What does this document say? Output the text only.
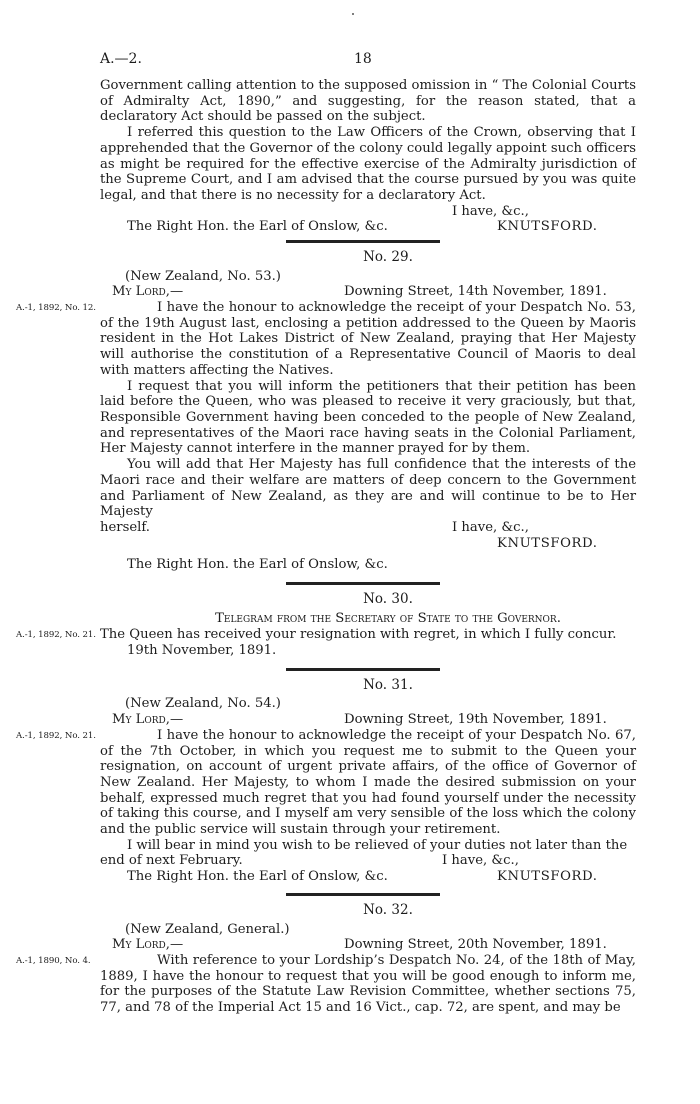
A.—2.	18

Government calling attention to the supposed omission in “ The Colonial Courts of Admiralty Act, 1890,” and suggesting, for the reason stated, that a declaratory Act should be passed on the subject.

I referred this question to the Law Officers of the Crown, observing that I apprehended that the Governor of the colony could legally appoint such officers as might be required for the effective exercise of the Admiralty jurisdiction of the Supreme Court, and I am advised that the course pursued by you was quite legal, and that there is no necessity for a declaratory Act.

I have, &c.,
The Right Hon. the Earl of Onslow, &c.	KNUTSFORD.
No. 29.
(New Zealand, No. 53.)
My Lord,—	Downing Street, 14th November, 1891.
A.-1, 1892, No. 12.	I have the honour to acknowledge the receipt of your Despatch No. 53, of the 19th August last, enclosing a petition addressed to the Queen by Maoris resident in the Hot Lakes District of New Zealand, praying that Her Majesty will authorise the constitution of a Representative Council of Maoris to deal with matters affecting the Natives.

I request that you will inform the petitioners that their petition has been laid before the Queen, who was pleased to receive it very graciously, but that, Responsible Government having been conceded to the people of New Zealand, and representatives of the Maori race having seats in the Colonial Parliament, Her Majesty cannot interfere in the manner prayed for by them.

You will add that Her Majesty has full confidence that the interests of the Maori race and their welfare are matters of deep concern to the Government and Parliament of New Zealand, as they are and will continue to be to Her Majesty

herself.	I have, &c.,
KNUTSFORD.
The Right Hon. the Earl of Onslow, &c.
No. 30.
Telegram from the Secretary of State to the Governor.
A.-1, 1892, No. 21. The Queen has received your resignation with regret, in which I fully concur.

19th November, 1891.
No. 31.
(New Zealand, No. 54.)
My Lord,—	Downing Street, 19th November, 1891.
A.-1, 1892, No. 21.	I have the honour to acknowledge the receipt of your Despatch No. 67, of the 7th October, in which you request me to submit to the Queen your resignation, on account of urgent private affairs, of the office of Governor of New Zealand. Her Majesty, to whom I made the desired submission on your behalf, expressed much regret that you had found yourself under the necessity of taking this course, and I myself am very sensible of the loss which the colony and the public service will sustain through your retirement.

I will bear in mind you wish to be relieved of your duties not later than the

end of next February.	I have, &c.,
The Right Hon. the Earl of Onslow, &c.	KNUTSFORD.
No. 32.
(New Zealand, General.)
My Lord,—	Downing Street, 20th November, 1891.
A.-1, 1890, No. 4.	With reference to your Lordship’s Despatch No. 24, of the 18th of May, 1889, I have the honour to request that you will be good enough to inform me, for the purposes of the Statute Law Revision Committee, whether sections 75, 77, and 78 of the Imperial Act 15 and 16 Vict., cap. 72, are spent, and may be
